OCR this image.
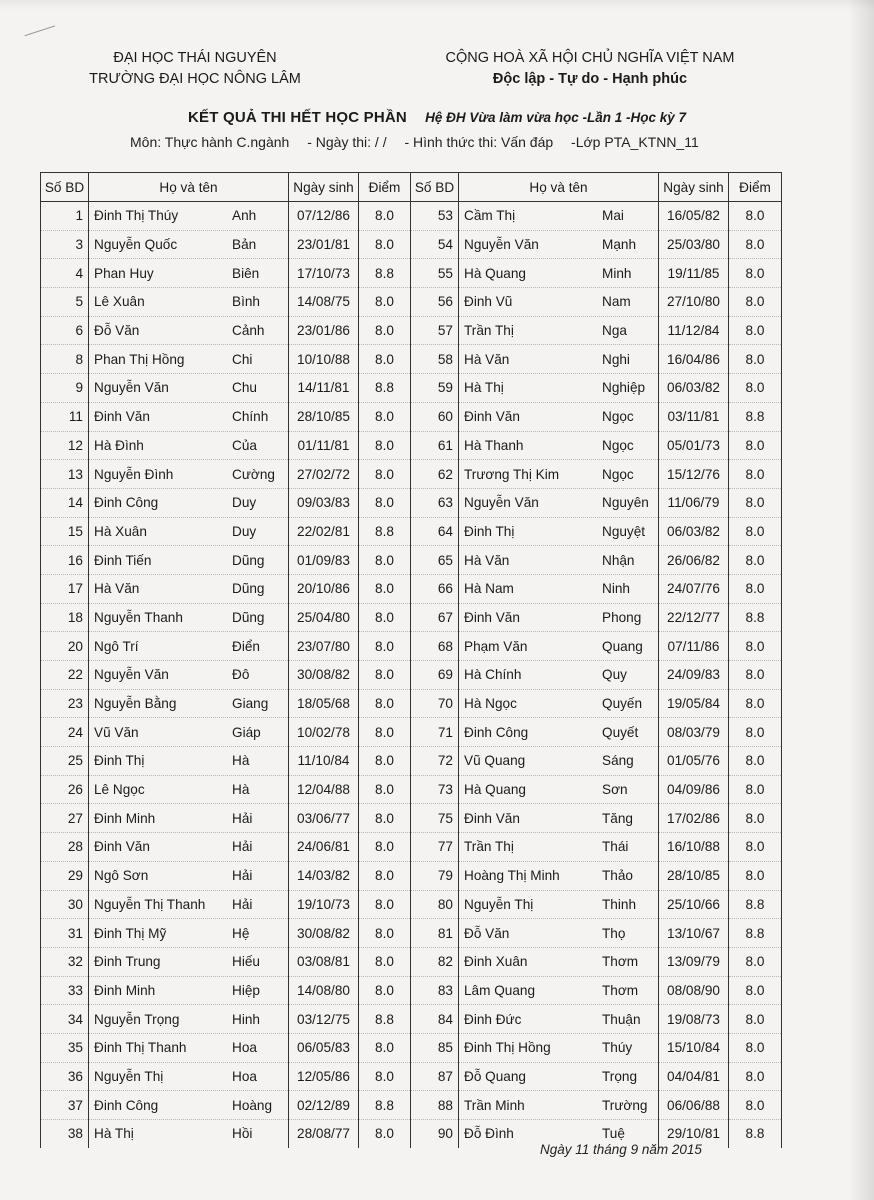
ĐẠI HỌC THÁI NGUYÊN
TRƯỜNG ĐẠI HỌC NÔNG LÂM
CỘNG HOÀ XÃ HỘI CHỦ NGHĨA VIỆT NAM
Độc lập - Tự do - Hạnh phúc
KẾT QUẢ THI HẾT HỌC PHẦN Hệ ĐH Vừa làm vừa học -Lần 1 -Học kỳ 7
Môn: Thực hành C.ngành - Ngày thi: / / - Hình thức thi: Vấn đáp -Lớp PTA_KTNN_11
Số BD	Họ và tên	Ngày sinh	Điểm	Số BD	Họ và tên	Ngày sinh	Điểm
1	Đinh Thị Thúy Anh	07/12/86	8.0	53	Cầm Thị Mai	16/05/82	8.0
3	Nguyễn Quốc Bản	23/01/81	8.0	54	Nguyễn Văn Mạnh	25/03/80	8.0
4	Phan Huy Biên	17/10/73	8.8	55	Hà Quang Minh	19/11/85	8.0
5	Lê Xuân Bình	14/08/75	8.0	56	Đinh Vũ Nam	27/10/80	8.0
6	Đỗ Văn Cảnh	23/01/86	8.0	57	Trần Thị Nga	11/12/84	8.0
8	Phan Thị Hồng Chi	10/10/88	8.0	58	Hà Văn Nghi	16/04/86	8.0
9	Nguyễn Văn Chu	14/11/81	8.8	59	Hà Thị Nghiệp	06/03/82	8.0
11	Đinh Văn Chính	28/10/85	8.0	60	Đinh Văn Ngọc	03/11/81	8.8
12	Hà Đình Của	01/11/81	8.0	61	Hà Thanh Ngọc	05/01/73	8.0
13	Nguyễn Đình Cường	27/02/72	8.0	62	Trương Thị Kim Ngọc	15/12/76	8.0
14	Đinh Công Duy	09/03/83	8.0	63	Nguyễn Văn Nguyên	11/06/79	8.0
15	Hà Xuân Duy	22/02/81	8.8	64	Đinh Thị Nguyệt	06/03/82	8.0
16	Đinh Tiến Dũng	01/09/83	8.0	65	Hà Văn Nhận	26/06/82	8.0
17	Hà Văn Dũng	20/10/86	8.0	66	Hà Nam Ninh	24/07/76	8.0
18	Nguyễn Thanh Dũng	25/04/80	8.0	67	Đinh Văn Phong	22/12/77	8.8
20	Ngô Trí Điển	23/07/80	8.0	68	Phạm Văn Quang	07/11/86	8.0
22	Nguyễn Văn Đô	30/08/82	8.0	69	Hà Chính Quy	24/09/83	8.0
23	Nguyễn Bằng Giang	18/05/68	8.0	70	Hà Ngọc Quyến	19/05/84	8.0
24	Vũ Văn Giáp	10/02/78	8.0	71	Đinh Công Quyết	08/03/79	8.0
25	Đinh Thị Hà	11/10/84	8.0	72	Vũ Quang Sáng	01/05/76	8.0
26	Lê Ngọc Hà	12/04/88	8.0	73	Hà Quang Sơn	04/09/86	8.0
27	Đinh Minh Hải	03/06/77	8.0	75	Đinh Văn Tăng	17/02/86	8.0
28	Đinh Văn Hải	24/06/81	8.0	77	Trần Thị Thái	16/10/88	8.0
29	Ngô Sơn Hải	14/03/82	8.0	79	Hoàng Thị Minh Thảo	28/10/85	8.0
30	Nguyễn Thị Thanh Hải	19/10/73	8.0	80	Nguyễn Thị Thinh	25/10/66	8.8
31	Đinh Thị Mỹ Hệ	30/08/82	8.0	81	Đỗ Văn Thọ	13/10/67	8.8
32	Đinh Trung Hiếu	03/08/81	8.0	82	Đinh Xuân Thơm	13/09/79	8.0
33	Đinh Minh Hiệp	14/08/80	8.0	83	Lâm Quang Thơm	08/08/90	8.0
34	Nguyễn Trọng Hinh	03/12/75	8.8	84	Đinh Đức Thuận	19/08/73	8.0
35	Đinh Thị Thanh Hoa	06/05/83	8.0	85	Đinh Thị Hồng Thúy	15/10/84	8.0
36	Nguyễn Thị Hoa	12/05/86	8.0	87	Đỗ Quang Trọng	04/04/81	8.0
37	Đinh Công Hoàng	02/12/89	8.8	88	Trần Minh Trường	06/06/88	8.0
38	Hà Thị Hồi	28/08/77	8.0	90	Đỗ Đình Tuệ	29/10/81	8.8
Ngày 11 tháng 9 năm 2015
